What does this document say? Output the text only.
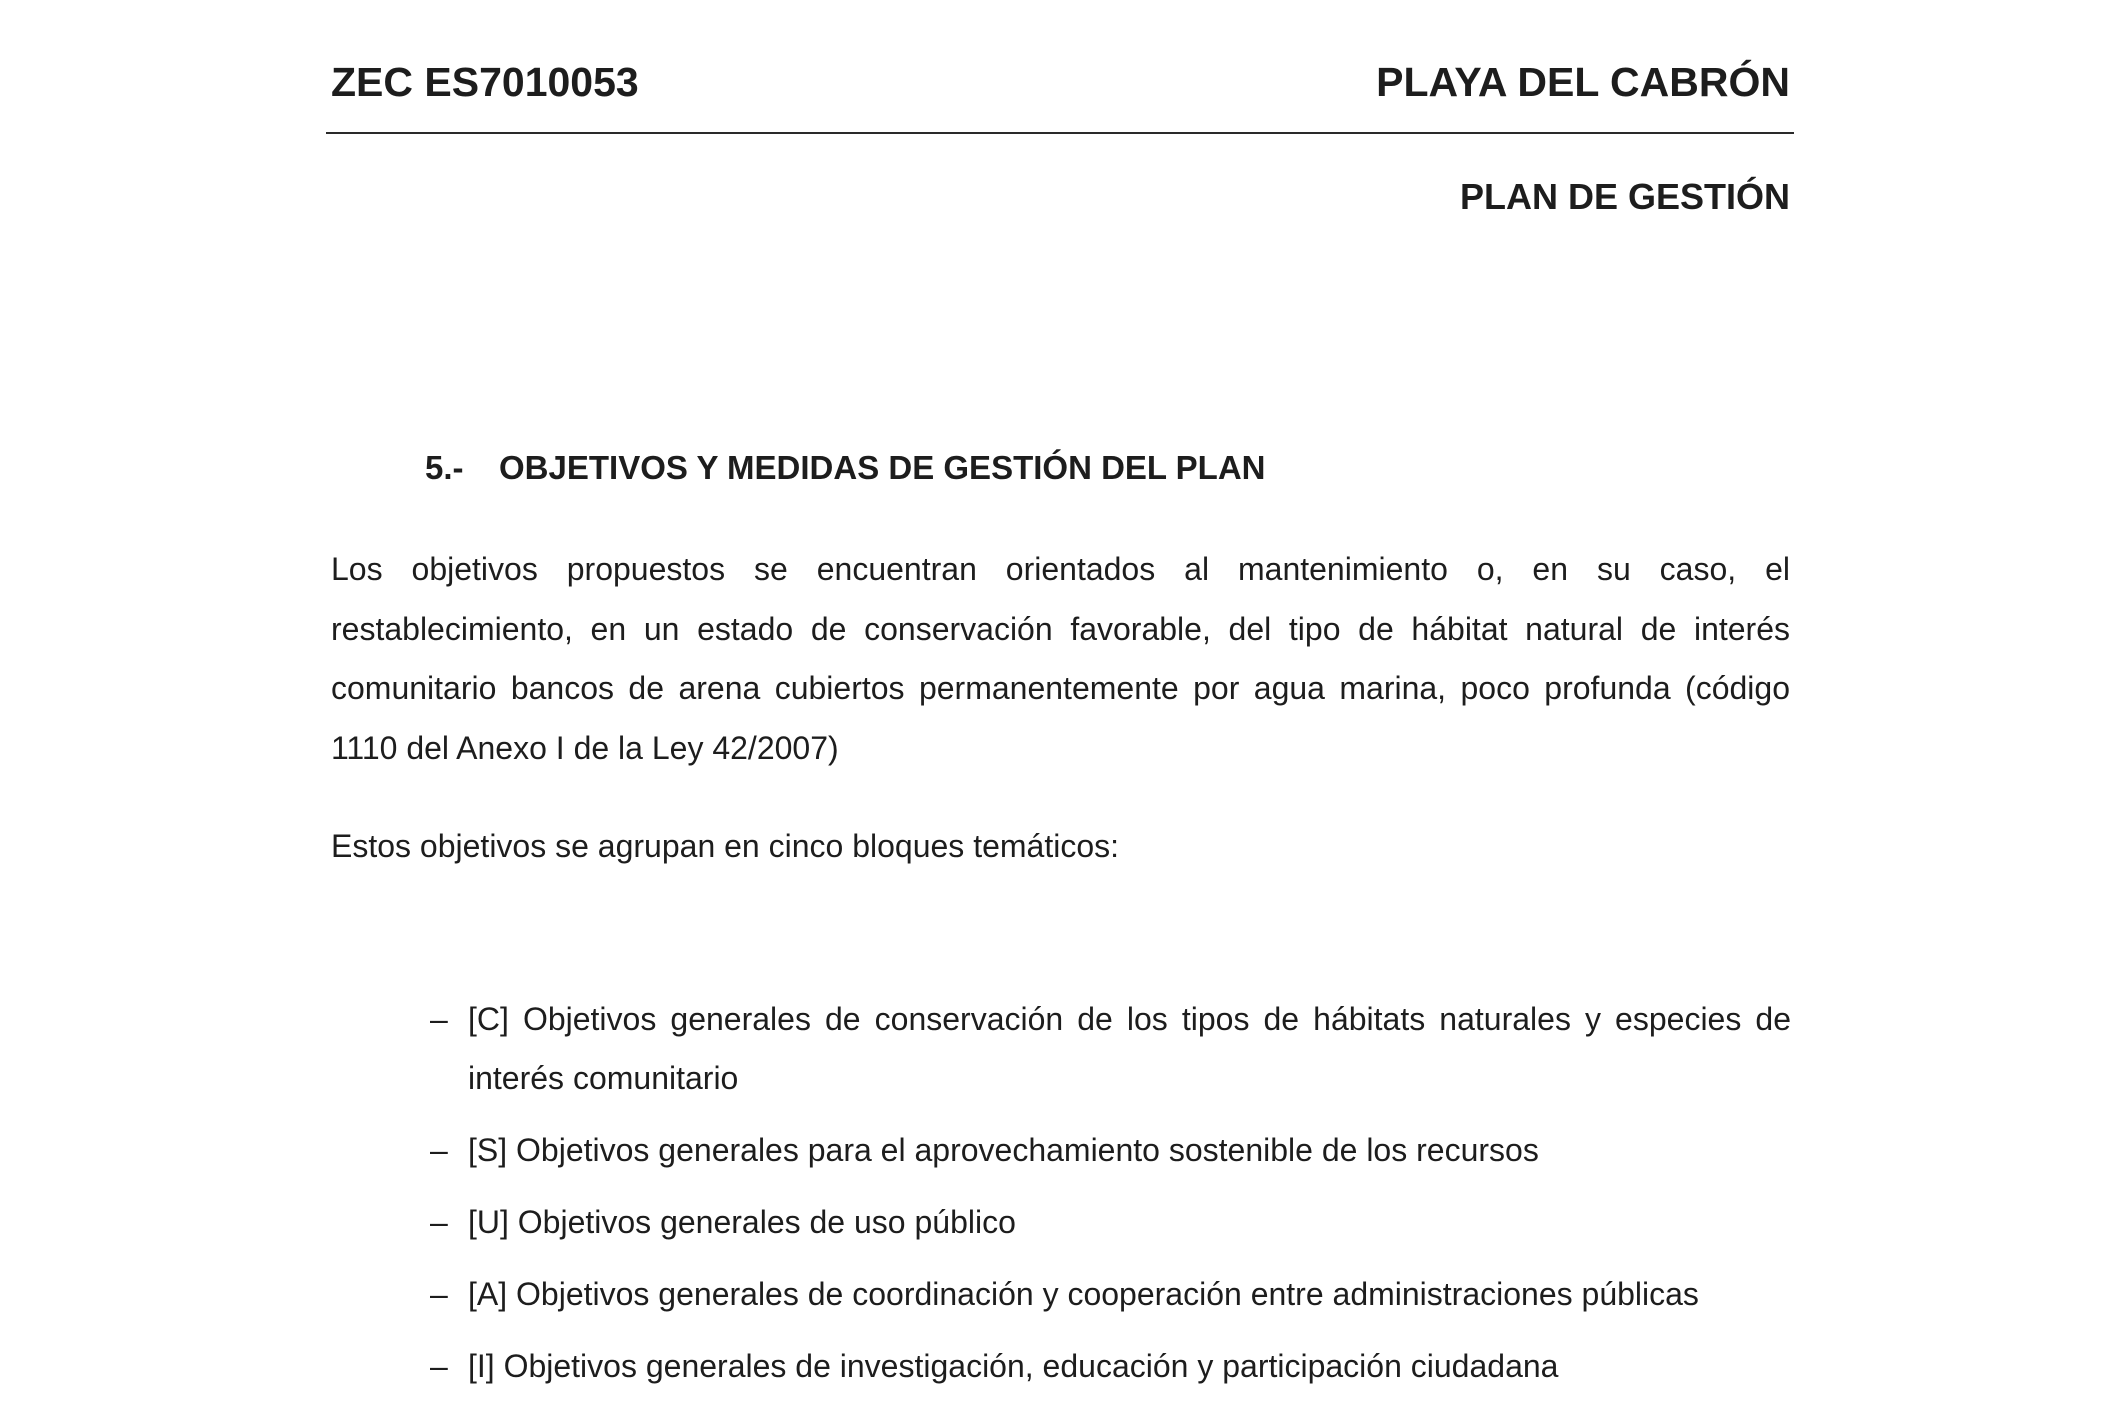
ZEC ES7010053	PLAYA DEL CABRÓN
PLAN DE GESTIÓN
5.- OBJETIVOS Y MEDIDAS DE GESTIÓN DEL PLAN

Los objetivos propuestos se encuentran orientados al mantenimiento o, en su caso, el restablecimiento, en un estado de conservación favorable, del tipo de hábitat natural de interés comunitario bancos de arena cubiertos permanentemente por agua marina, poco profunda (código 1110 del Anexo I de la Ley 42/2007)

Estos objetivos se agrupan en cinco bloques temáticos:

– [C] Objetivos generales de conservación de los tipos de hábitats naturales y especies de interés comunitario
– [S] Objetivos generales para el aprovechamiento sostenible de los recursos
– [U] Objetivos generales de uso público
– [A] Objetivos generales de coordinación y cooperación entre administraciones públicas
– [I] Objetivos generales de investigación, educación y participación ciudadana
